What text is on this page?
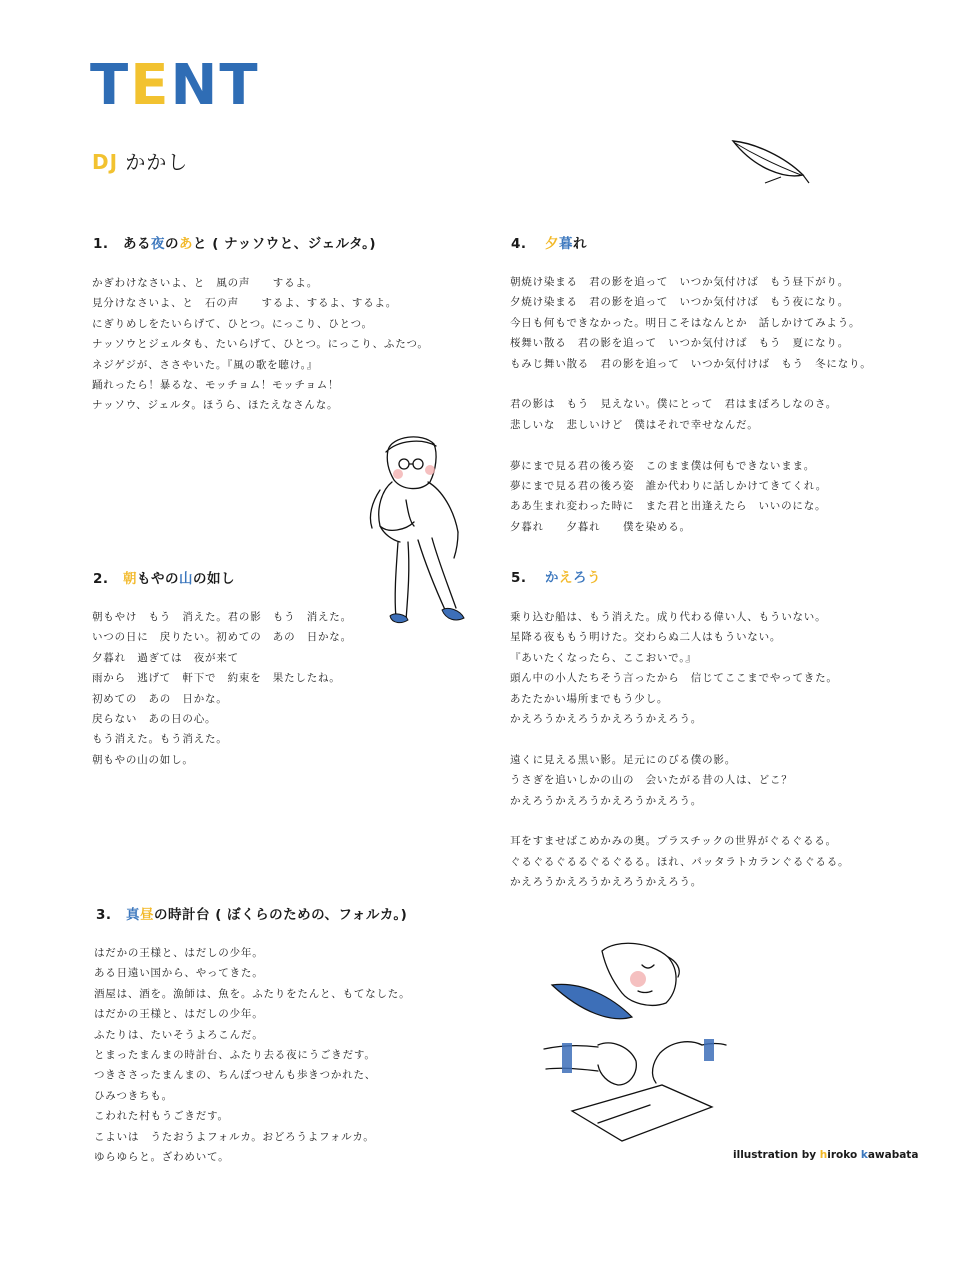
TENT
DJ かかし
1. ある夜のあと ( ナッソウと、ジェルタ。)
かぎわけなさいよ、と　風の声　　するよ。
見分けなさいよ、と　石の声　　するよ、するよ、するよ。
にぎりめしをたいらげて、ひとつ。にっこり、ひとつ。
ナッソウとジェルタも、たいらげて、ひとつ。にっこり、ふたつ。
ネジゲジが、ささやいた。『風の歌を聴け。』
踊れったら！暴るな、モッチョム！モッチョム！
ナッソウ、ジェルタ。ほうら、ほたえなさんな。
2. 朝もやの山の如し
朝もやけ　もう　消えた。君の影　もう　消えた。
いつの日に　戻りたい。初めての　あの　日かな。
夕暮れ　過ぎては　夜が来て
雨から　逃げて　軒下で　約束を　果たしたね。
初めての　あの　日かな。
戻らない　あの日の心。
もう消えた。もう消えた。
朝もやの山の如し。
3. 真昼の時計台 ( ぼくらのための、フォルカ。)
はだかの王様と、はだしの少年。
ある日遠い国から、やってきた。
酒屋は、酒を。漁師は、魚を。ふたりをたんと、もてなした。
はだかの王様と、はだしの少年。
ふたりは、たいそうよろこんだ。
とまったまんまの時計台、ふたり去る夜にうごきだす。
つきささったまんまの、ちんぽつせんも歩きつかれた、
ひみつきちも。
こわれた村もうごきだす。
こよいは　うたおうよフォルカ。おどろうよフォルカ。
ゆらゆらと。ざわめいて。
4. 夕暮れ
朝焼け染まる　君の影を追って　いつか気付けば　もう昼下がり。
夕焼け染まる　君の影を追って　いつか気付けば　もう夜になり。
今日も何もできなかった。明日こそはなんとか　話しかけてみよう。
桜舞い散る　君の影を追って　いつか気付けば　もう　夏になり。
もみじ舞い散る　君の影を追って　いつか気付けば　もう　冬になり。
君の影は　もう　見えない。僕にとって　君はまぼろしなのさ。
悲しいな　悲しいけど　僕はそれで幸せなんだ。
夢にまで見る君の後ろ姿　このまま僕は何もできないまま。
夢にまで見る君の後ろ姿　誰か代わりに話しかけてきてくれ。
ああ生まれ変わった時に　また君と出逢えたら　いいのにな。
夕暮れ　　夕暮れ　　僕を染める。
5. かえろう
乗り込む船は、もう消えた。成り代わる偉い人、もういない。
星降る夜ももう明けた。交わらぬ二人はもういない。
『あいたくなったら、ここおいで。』
頭ん中の小人たちそう言ったから　信じてここまでやってきた。
あたたかい場所までもう少し。
かえろうかえろうかえろうかえろう。
遠くに見える黒い影。足元にのびる僕の影。
うさぎを追いしかの山の　会いたがる昔の人は、どこ？
かえろうかえろうかえろうかえろう。
耳をすませばこめかみの奥。プラスチックの世界がぐるぐるる。
ぐるぐるぐるるぐるぐるる。ほれ、パッタラトカランぐるぐるる。
かえろうかえろうかえろうかえろう。
illustration by hiroko kawabata
